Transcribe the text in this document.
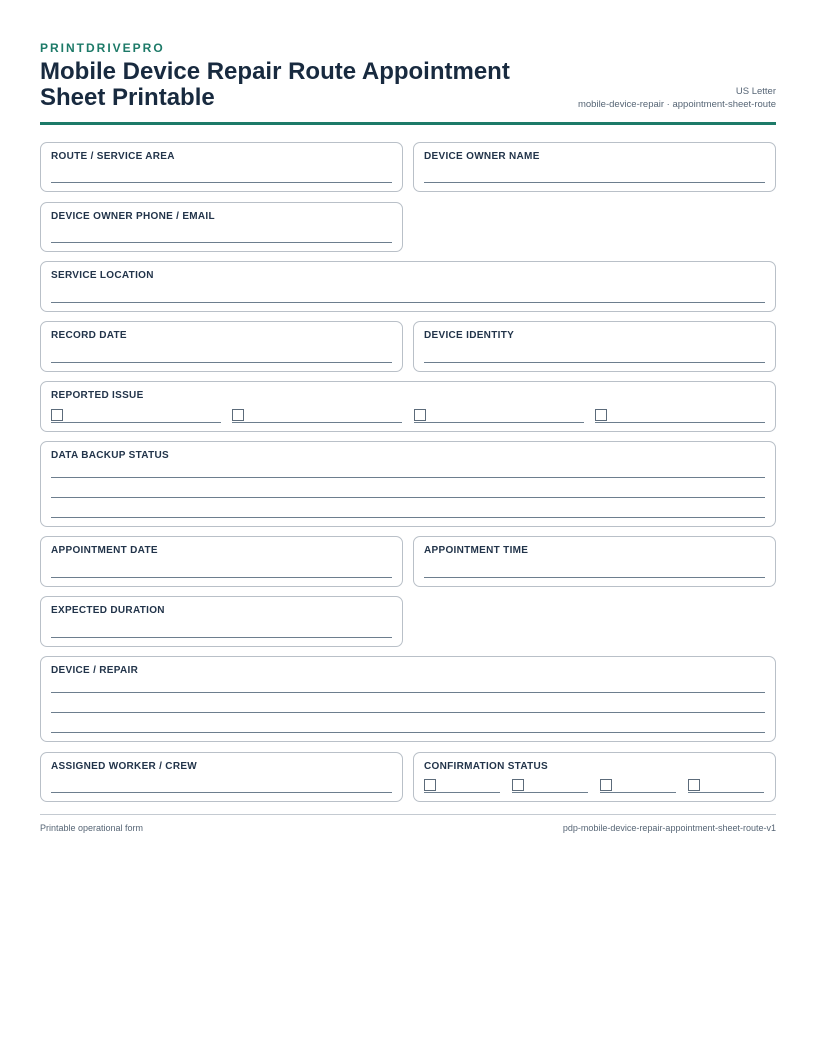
PRINTDRIVEPRO
Mobile Device Repair Route Appointment Sheet Printable	US Letter
mobile-device-repair · appointment-sheet-route
ROUTE / SERVICE AREA	DEVICE OWNER NAME
DEVICE OWNER PHONE / EMAIL
SERVICE LOCATION
RECORD DATE	DEVICE IDENTITY
REPORTED ISSUE
DATA BACKUP STATUS
APPOINTMENT DATE	APPOINTMENT TIME
EXPECTED DURATION
DEVICE / REPAIR
ASSIGNED WORKER / CREW	CONFIRMATION STATUS
Printable operational form	pdp-mobile-device-repair-appointment-sheet-route-v1
